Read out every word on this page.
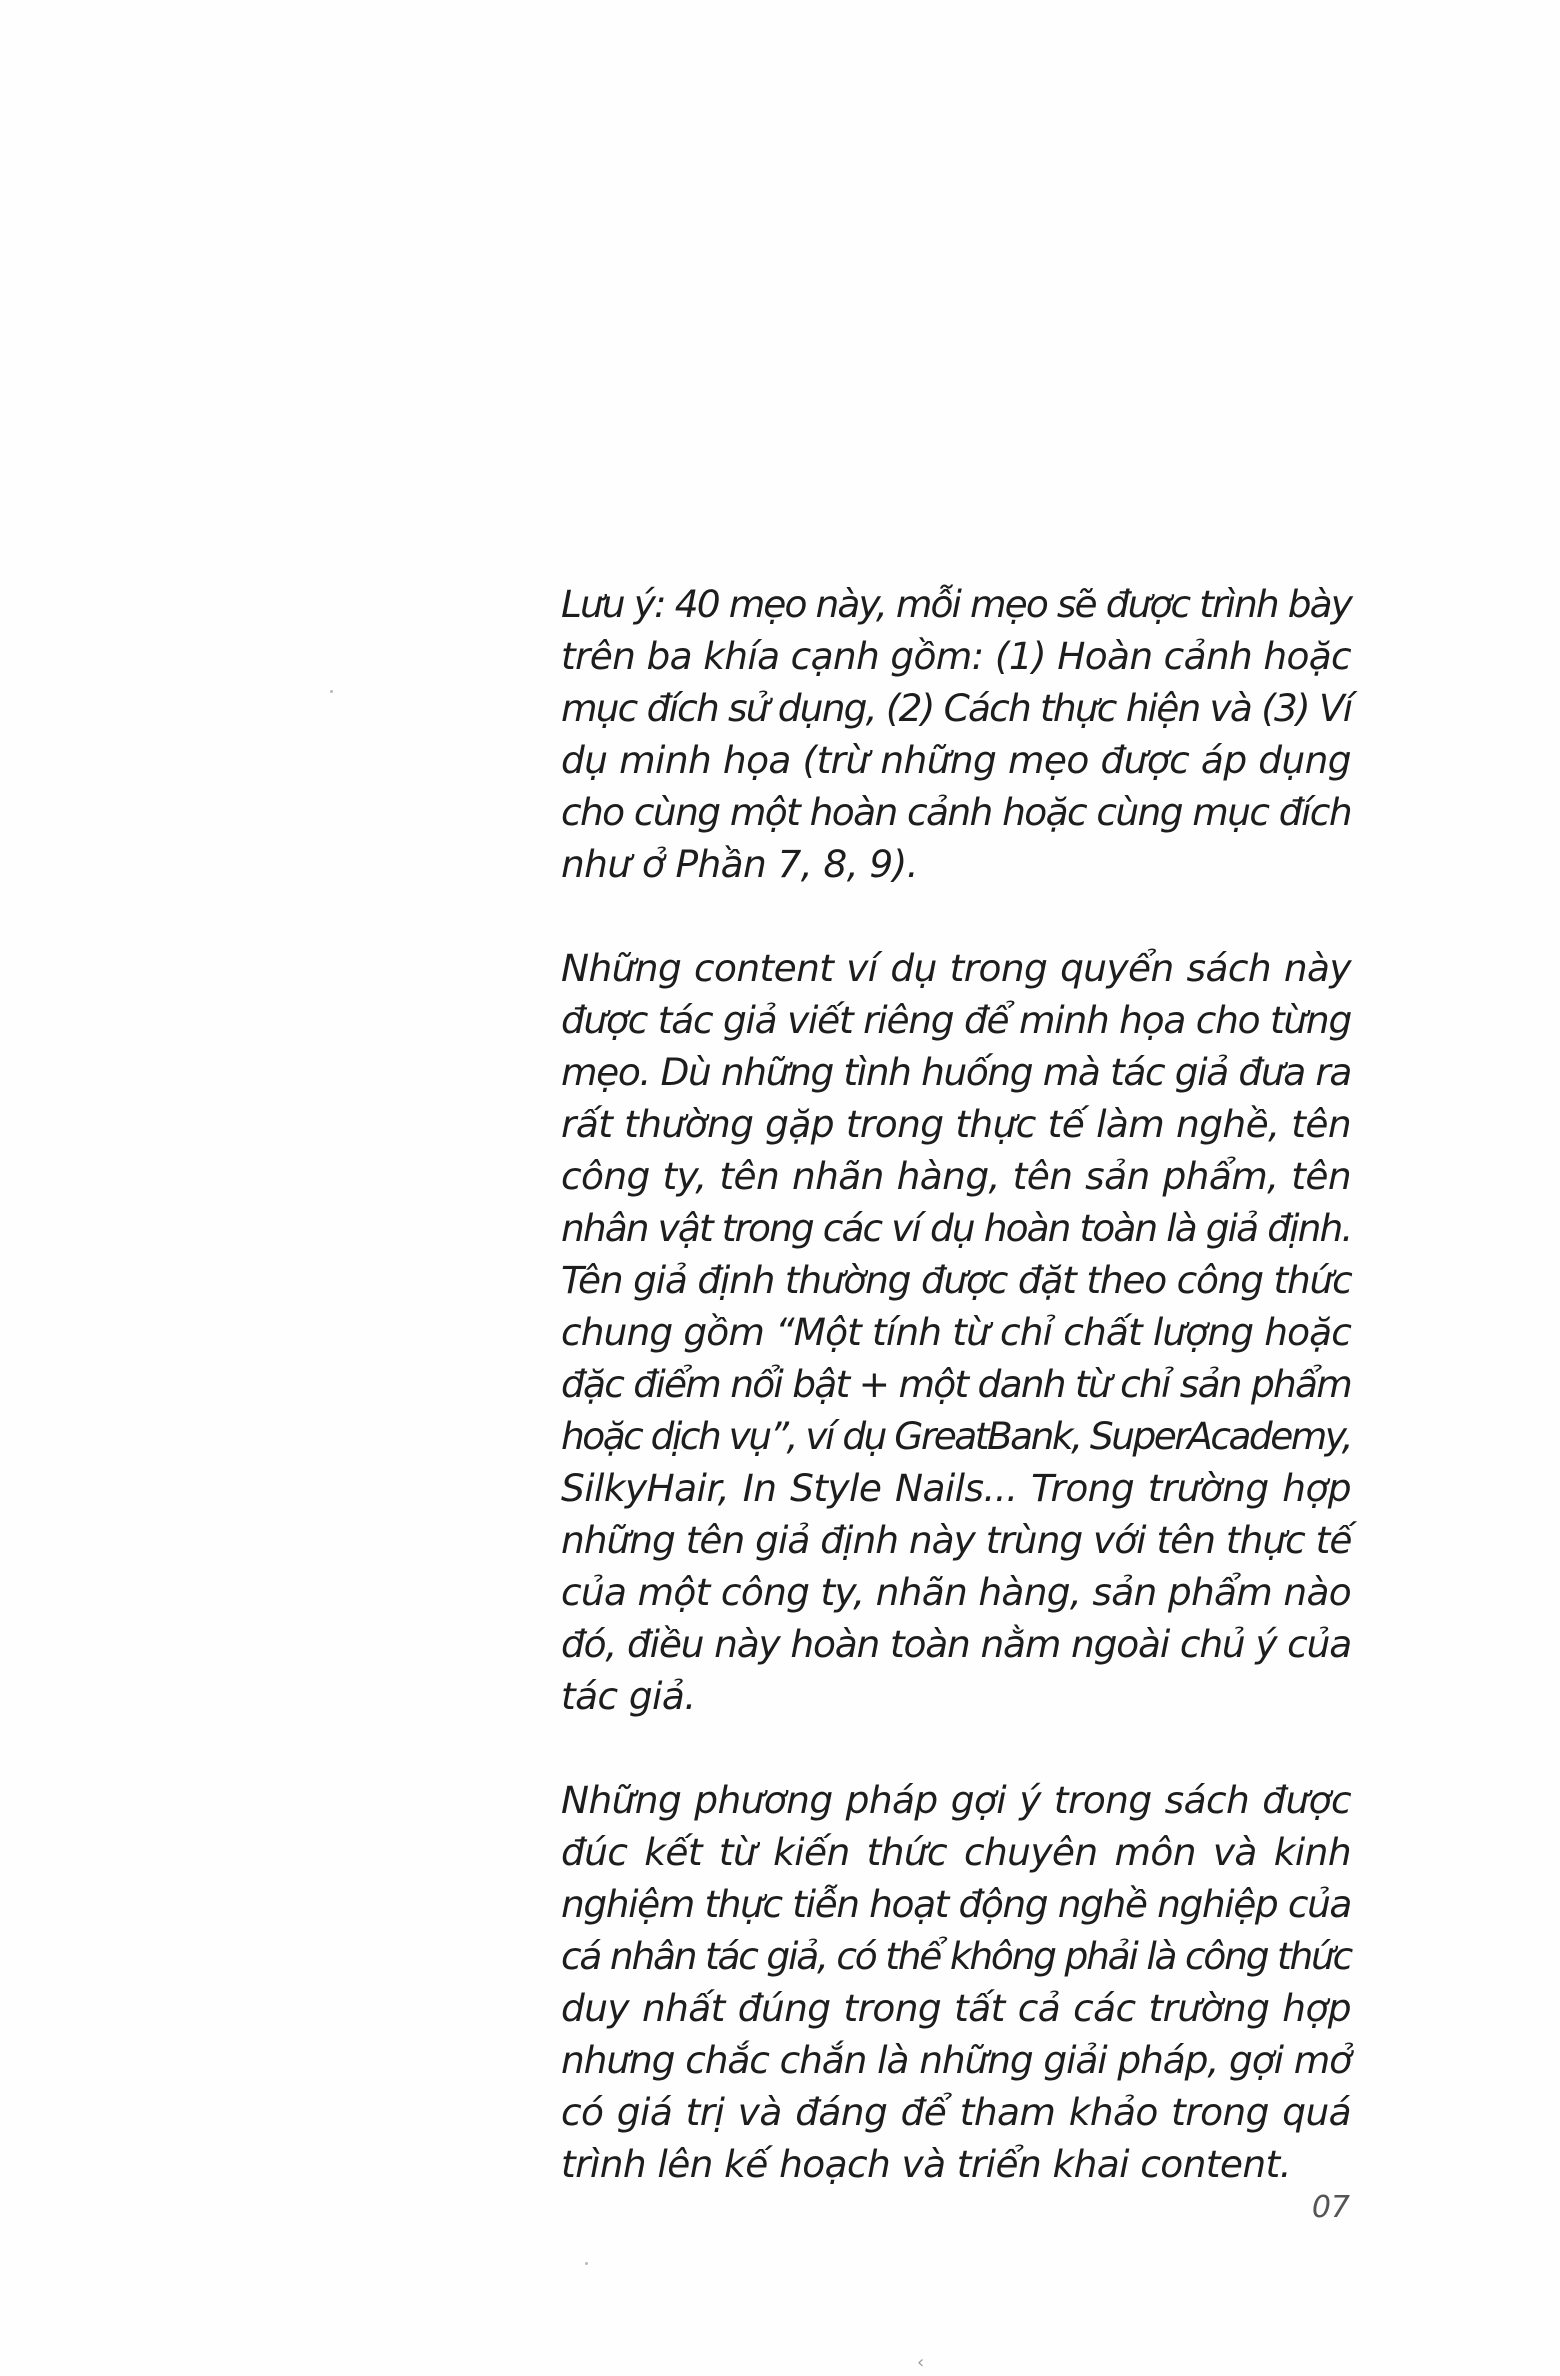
Lưu ý: 40 mẹo này, mỗi mẹo sẽ được trình bày
trên ba khía cạnh gồm: (1) Hoàn cảnh hoặc
mục đích sử dụng, (2) Cách thực hiện và (3) Ví
dụ minh họa (trừ những mẹo được áp dụng
cho cùng một hoàn cảnh hoặc cùng mục đích
như ở Phần 7, 8, 9).
Những content ví dụ trong quyển sách này
được tác giả viết riêng để minh họa cho từng
mẹo. Dù những tình huống mà tác giả đưa ra
rất thường gặp trong thực tế làm nghề, tên
công ty, tên nhãn hàng, tên sản phẩm, tên
nhân vật trong các ví dụ hoàn toàn là giả định.
Tên giả định thường được đặt theo công thức
chung gồm “Một tính từ chỉ chất lượng hoặc
đặc điểm nổi bật + một danh từ chỉ sản phẩm
hoặc dịch vụ”, ví dụ GreatBank, SuperAcademy,
SilkyHair, In Style Nails... Trong trường hợp
những tên giả định này trùng với tên thực tế
của một công ty, nhãn hàng, sản phẩm nào
đó, điều này hoàn toàn nằm ngoài chủ ý của
tác giả.
Những phương pháp gợi ý trong sách được
đúc kết từ kiến thức chuyên môn và kinh
nghiệm thực tiễn hoạt động nghề nghiệp của
cá nhân tác giả, có thể không phải là công thức
duy nhất đúng trong tất cả các trường hợp
nhưng chắc chắn là những giải pháp, gợi mở
có giá trị và đáng để tham khảo trong quá
trình lên kế hoạch và triển khai content.
07
‹
